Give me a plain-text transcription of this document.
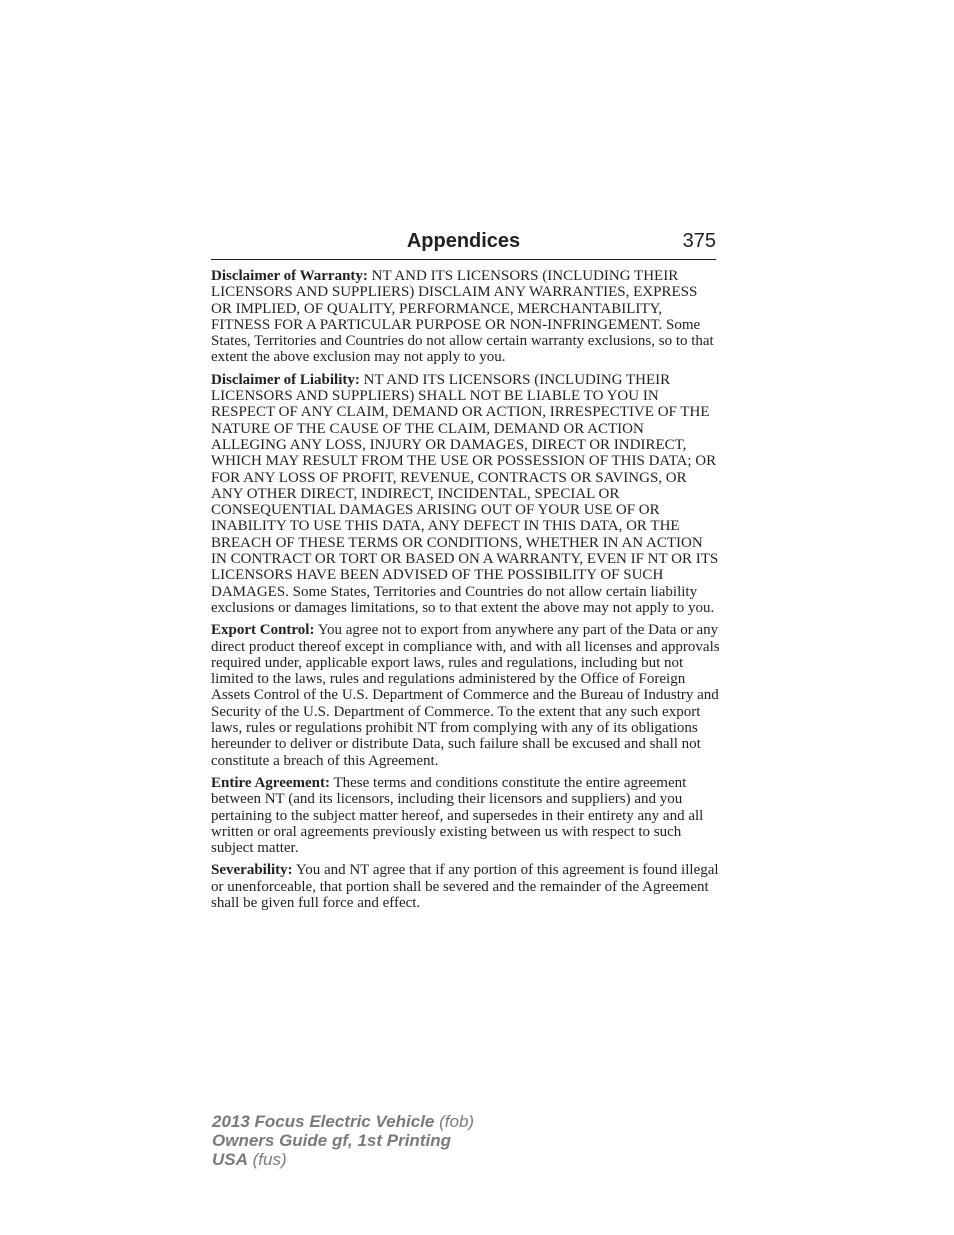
Appendices	375

Disclaimer of Warranty: NT AND ITS LICENSORS (INCLUDING THEIR LICENSORS AND SUPPLIERS) DISCLAIM ANY WARRANTIES, EXPRESS OR IMPLIED, OF QUALITY, PERFORMANCE, MERCHANTABILITY, FITNESS FOR A PARTICULAR PURPOSE OR NON-INFRINGEMENT. Some States, Territories and Countries do not allow certain warranty exclusions, so to that extent the above exclusion may not apply to you.

Disclaimer of Liability: NT AND ITS LICENSORS (INCLUDING THEIR LICENSORS AND SUPPLIERS) SHALL NOT BE LIABLE TO YOU IN RESPECT OF ANY CLAIM, DEMAND OR ACTION, IRRESPECTIVE OF THE NATURE OF THE CAUSE OF THE CLAIM, DEMAND OR ACTION ALLEGING ANY LOSS, INJURY OR DAMAGES, DIRECT OR INDIRECT, WHICH MAY RESULT FROM THE USE OR POSSESSION OF THIS DATA; OR FOR ANY LOSS OF PROFIT, REVENUE, CONTRACTS OR SAVINGS, OR ANY OTHER DIRECT, INDIRECT, INCIDENTAL, SPECIAL OR CONSEQUENTIAL DAMAGES ARISING OUT OF YOUR USE OF OR INABILITY TO USE THIS DATA, ANY DEFECT IN THIS DATA, OR THE BREACH OF THESE TERMS OR CONDITIONS, WHETHER IN AN ACTION IN CONTRACT OR TORT OR BASED ON A WARRANTY, EVEN IF NT OR ITS LICENSORS HAVE BEEN ADVISED OF THE POSSIBILITY OF SUCH DAMAGES. Some States, Territories and Countries do not allow certain liability exclusions or damages limitations, so to that extent the above may not apply to you.

Export Control: You agree not to export from anywhere any part of the Data or any direct product thereof except in compliance with, and with all licenses and approvals required under, applicable export laws, rules and regulations, including but not limited to the laws, rules and regulations administered by the Office of Foreign Assets Control of the U.S. Department of Commerce and the Bureau of Industry and Security of the U.S. Department of Commerce. To the extent that any such export laws, rules or regulations prohibit NT from complying with any of its obligations hereunder to deliver or distribute Data, such failure shall be excused and shall not constitute a breach of this Agreement.

Entire Agreement: These terms and conditions constitute the entire agreement between NT (and its licensors, including their licensors and suppliers) and you pertaining to the subject matter hereof, and supersedes in their entirety any and all written or oral agreements previously existing between us with respect to such subject matter.

Severability: You and NT agree that if any portion of this agreement is found illegal or unenforceable, that portion shall be severed and the remainder of the Agreement shall be given full force and effect.

2013 Focus Electric Vehicle (fob)
Owners Guide gf, 1st Printing
USA (fus)
